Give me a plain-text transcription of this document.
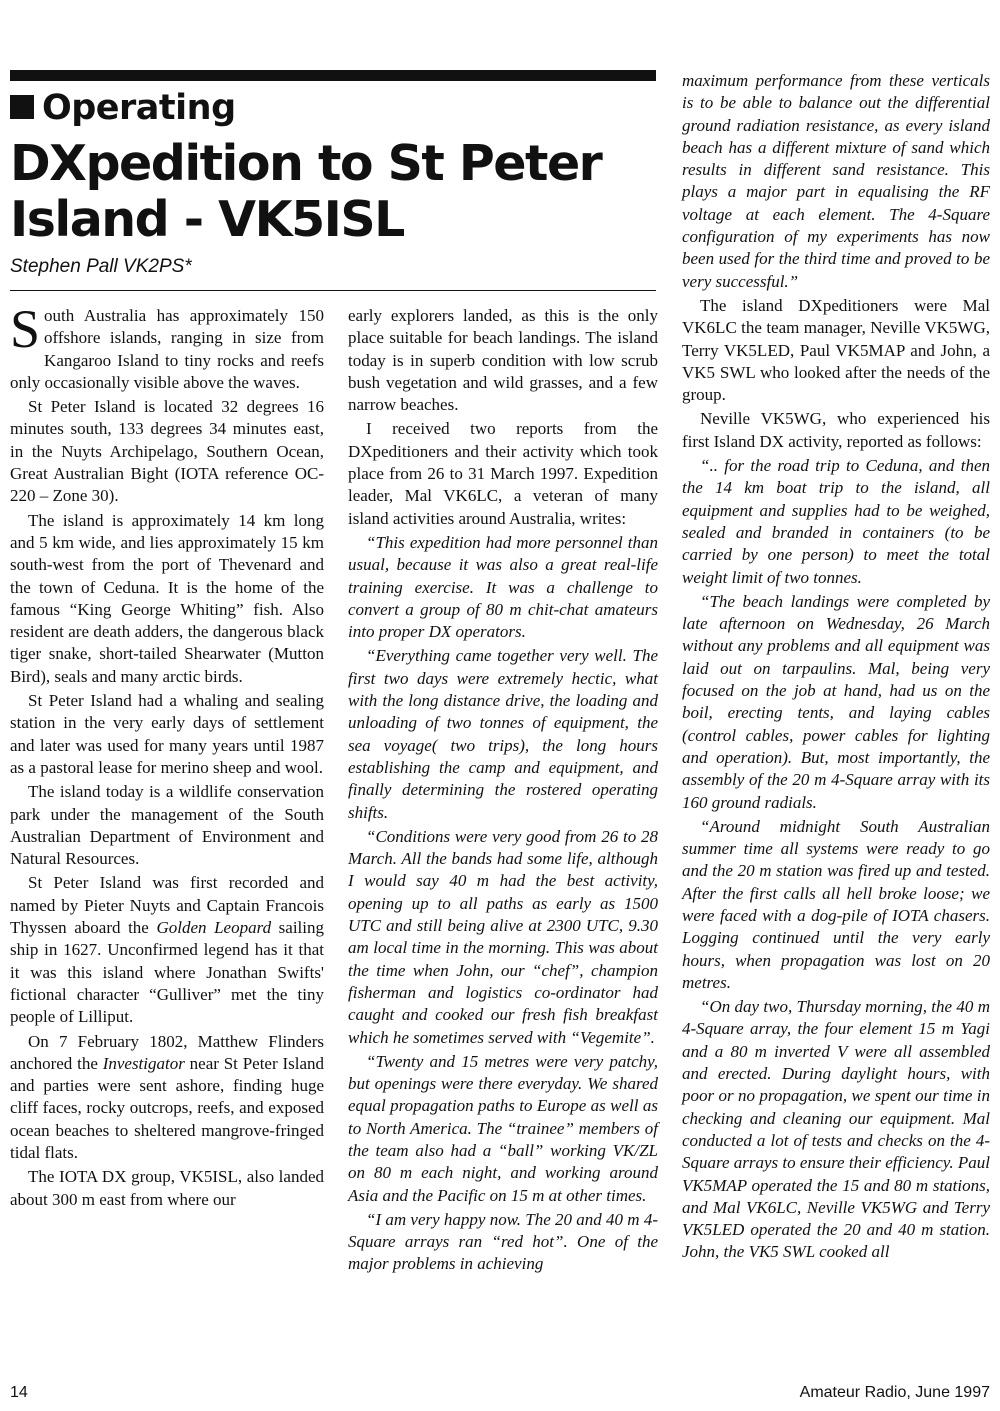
Operating
DXpedition to St Peter Island - VK5ISL
Stephen Pall VK2PS*

South Australia has approximately 150 offshore islands, ranging in size from Kangaroo Island to tiny rocks and reefs only occasionally visible above the waves.

St Peter Island is located 32 degrees 16 minutes south, 133 degrees 34 minutes east, in the Nuyts Archipelago, Southern Ocean, Great Australian Bight (IOTA reference OC-220 – Zone 30).

The island is approximately 14 km long and 5 km wide, and lies approximately 15 km south-west from the port of Thevenard and the town of Ceduna. It is the home of the famous “King George Whiting” fish. Also resident are death adders, the dangerous black tiger snake, short-tailed Shearwater (Mutton Bird), seals and many arctic birds.

St Peter Island had a whaling and sealing station in the very early days of settlement and later was used for many years until 1987 as a pastoral lease for merino sheep and wool.

The island today is a wildlife conservation park under the management of the South Australian Department of Environment and Natural Resources.

St Peter Island was first recorded and named by Pieter Nuyts and Captain Francois Thyssen aboard the Golden Leopard sailing ship in 1627. Unconfirmed legend has it that it was this island where Jonathan Swifts' fictional character “Gulliver” met the tiny people of Lilliput.

On 7 February 1802, Matthew Flinders anchored the Investigator near St Peter Island and parties were sent ashore, finding huge cliff faces, rocky outcrops, reefs, and exposed ocean beaches to sheltered mangrove-fringed tidal flats.

The IOTA DX group, VK5ISL, also landed about 300 m east from where our

early explorers landed, as this is the only place suitable for beach landings. The island today is in superb condition with low scrub bush vegetation and wild grasses, and a few narrow beaches.

I received two reports from the DXpeditioners and their activity which took place from 26 to 31 March 1997. Expedition leader, Mal VK6LC, a veteran of many island activities around Australia, writes:

“This expedition had more personnel than usual, because it was also a great real-life training exercise. It was a challenge to convert a group of 80 m chit-chat amateurs into proper DX operators.

“Everything came together very well. The first two days were extremely hectic, what with the long distance drive, the loading and unloading of two tonnes of equipment, the sea voyage( two trips), the long hours establishing the camp and equipment, and finally determining the rostered operating shifts.

“Conditions were very good from 26 to 28 March. All the bands had some life, although I would say 40 m had the best activity, opening up to all paths as early as 1500 UTC and still being alive at 2300 UTC, 9.30 am local time in the morning. This was about the time when John, our “chef”, champion fisherman and logistics co-ordinator had caught and cooked our fresh fish breakfast which he sometimes served with “Vegemite”.

“Twenty and 15 metres were very patchy, but openings were there everyday. We shared equal propagation paths to Europe as well as to North America. The “trainee” members of the team also had a “ball” working VK/ZL on 80 m each night, and working around Asia and the Pacific on 15 m at other times.

“I am very happy now. The 20 and 40 m 4-Square arrays ran “red hot”. One of the major problems in achieving

maximum performance from these verticals is to be able to balance out the differential ground radiation resistance, as every island beach has a different mixture of sand which results in different sand resistance. This plays a major part in equalising the RF voltage at each element. The 4-Square configuration of my experiments has now been used for the third time and proved to be very successful.”

The island DXpeditioners were Mal VK6LC the team manager, Neville VK5WG, Terry VK5LED, Paul VK5MAP and John, a VK5 SWL who looked after the needs of the group.

Neville VK5WG, who experienced his first Island DX activity, reported as follows:

“.. for the road trip to Ceduna, and then the 14 km boat trip to the island, all equipment and supplies had to be weighed, sealed and branded in containers (to be carried by one person) to meet the total weight limit of two tonnes.

“The beach landings were completed by late afternoon on Wednesday, 26 March without any problems and all equipment was laid out on tarpaulins. Mal, being very focused on the job at hand, had us on the boil, erecting tents, and laying cables (control cables, power cables for lighting and operation). But, most importantly, the assembly of the 20 m 4-Square array with its 160 ground radials.

“Around midnight South Australian summer time all systems were ready to go and the 20 m station was fired up and tested. After the first calls all hell broke loose; we were faced with a dog-pile of IOTA chasers. Logging continued until the very early hours, when propagation was lost on 20 metres.

“On day two, Thursday morning, the 40 m 4-Square array, the four element 15 m Yagi and a 80 m inverted V were all assembled and erected. During daylight hours, with poor or no propagation, we spent our time in checking and cleaning our equipment. Mal conducted a lot of tests and checks on the 4-Square arrays to ensure their efficiency. Paul VK5MAP operated the 15 and 80 m stations, and Mal VK6LC, Neville VK5WG and Terry VK5LED operated the 20 and 40 m station. John, the VK5 SWL cooked all

14	Amateur Radio, June 1997
